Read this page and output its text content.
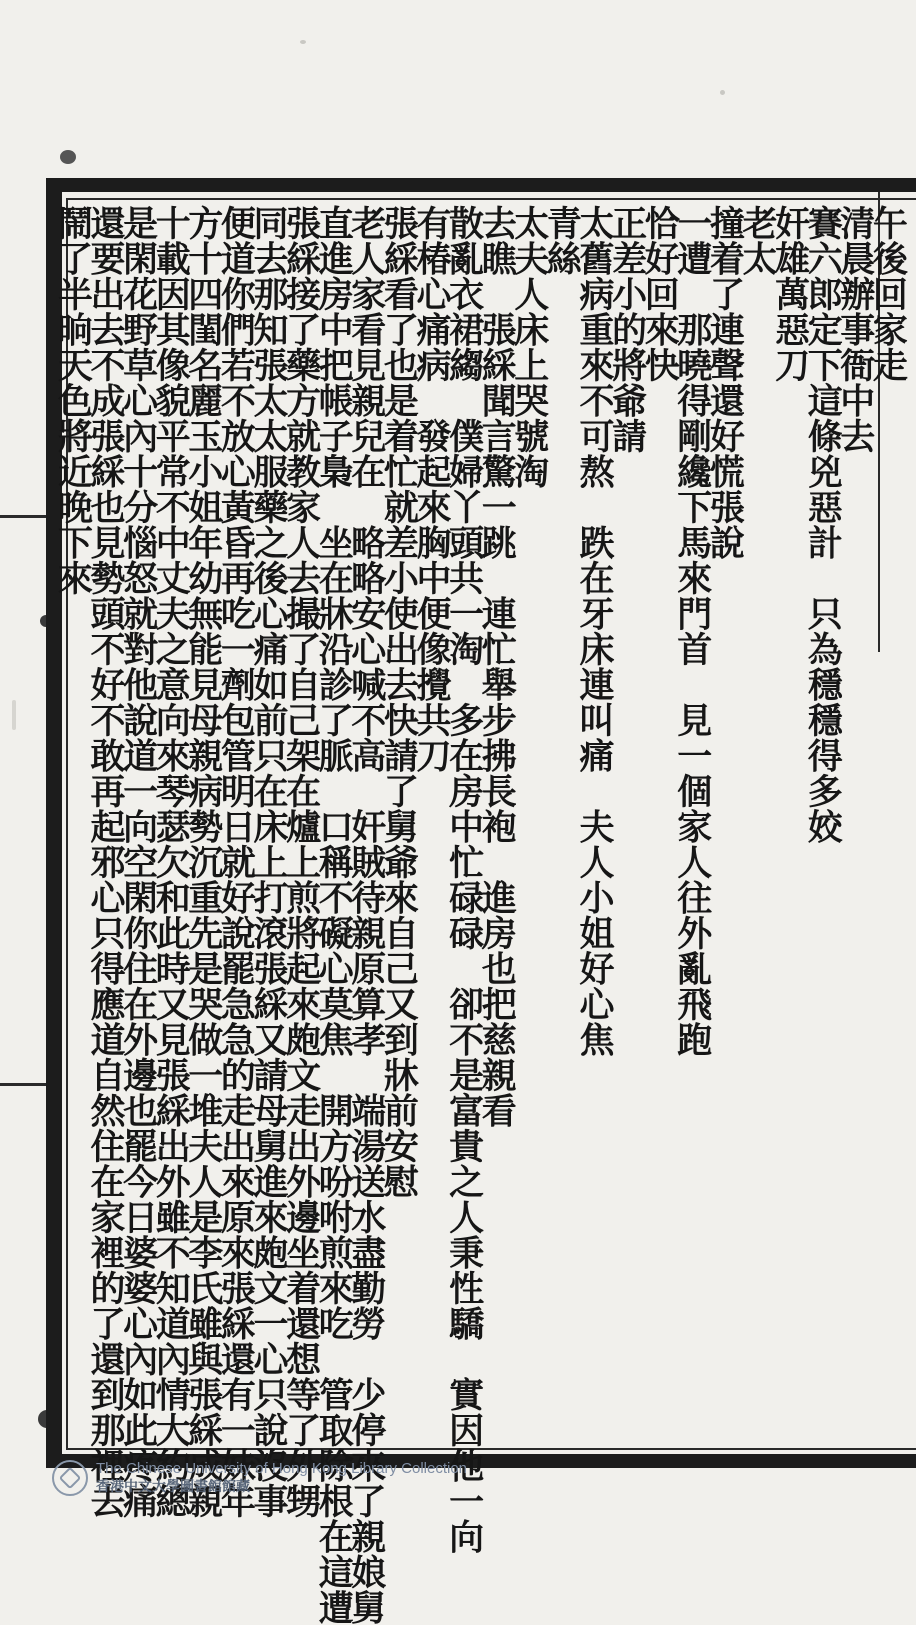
午後回家走
清晨辦事衙中去
賽六郎定下這條兇惡計　只為穩穩得多姣
奸雄萬惡刀
老太
撞着了連聲還好慌張說
一遭　那曉得剛纔下馬來門首　見一個家人往外亂飛跑
恰好回來快
正差小的將爺請
太舊病重來不可熬　跌在牙床連叫痛　夫人小姐好心焦
青絲
太夫人床上哭號淘
去瞧　張綵聞言驚一跳　連忙舉步拂長袍　進房也把慈親看
散亂衣裙縐　僕婦丫頭共一淘　多在房中忙碌碌　卻不是富貴之人秉性驕　實因他一向
有椿心痛病　發起來胸中便像攪共刀
張綵看了也是着忙就差小使出去快請了舅爺來自己又到牀前安慰
老人家看見親兒在　略略安心喊不高　奸賊待親原算孝　端湯送水盡勤勞　少停來了親娘舅
直進房中把帳子梟　坐在牀沿診了脈　口稱不礙心莫焦　開方吩咐煎來吃　管取除根在這遭
張綵接了藥方就教家人去撮了自己架在爐上煎將起來皰文走出外邊坐着還想等了外甥
同去那知張太太服藥之後心痛如前只在床上打滾張綵又請母舅進來皰文一心只說沒事
便道你們若不放心黃昏再吃一劑包管明日就好說罷急急的走出來原來張綵還有一妹年
方十四閨名麗玉小姐年幼無能見母親病勢沉重先是哭做一堆夫人是李氏雖與張綵成親
十載因其像貌平常不中丈夫之意向來琴瑟欠和此時又見張綵出外雖不知道內情大約總
是閑花野草心內十分惱怒就對他說道一向空閑你住在外邊也罷今日婆婆心內如此疼痛
還要出去不成張綵也見勢頭不好不敢再起邪心只得應道自然住在家裡的了還到那裡去
鬧了半晌天色將近晚下來
The Chinese University of Hong Kong Library Collection
香港中文大學圖書館館藏
